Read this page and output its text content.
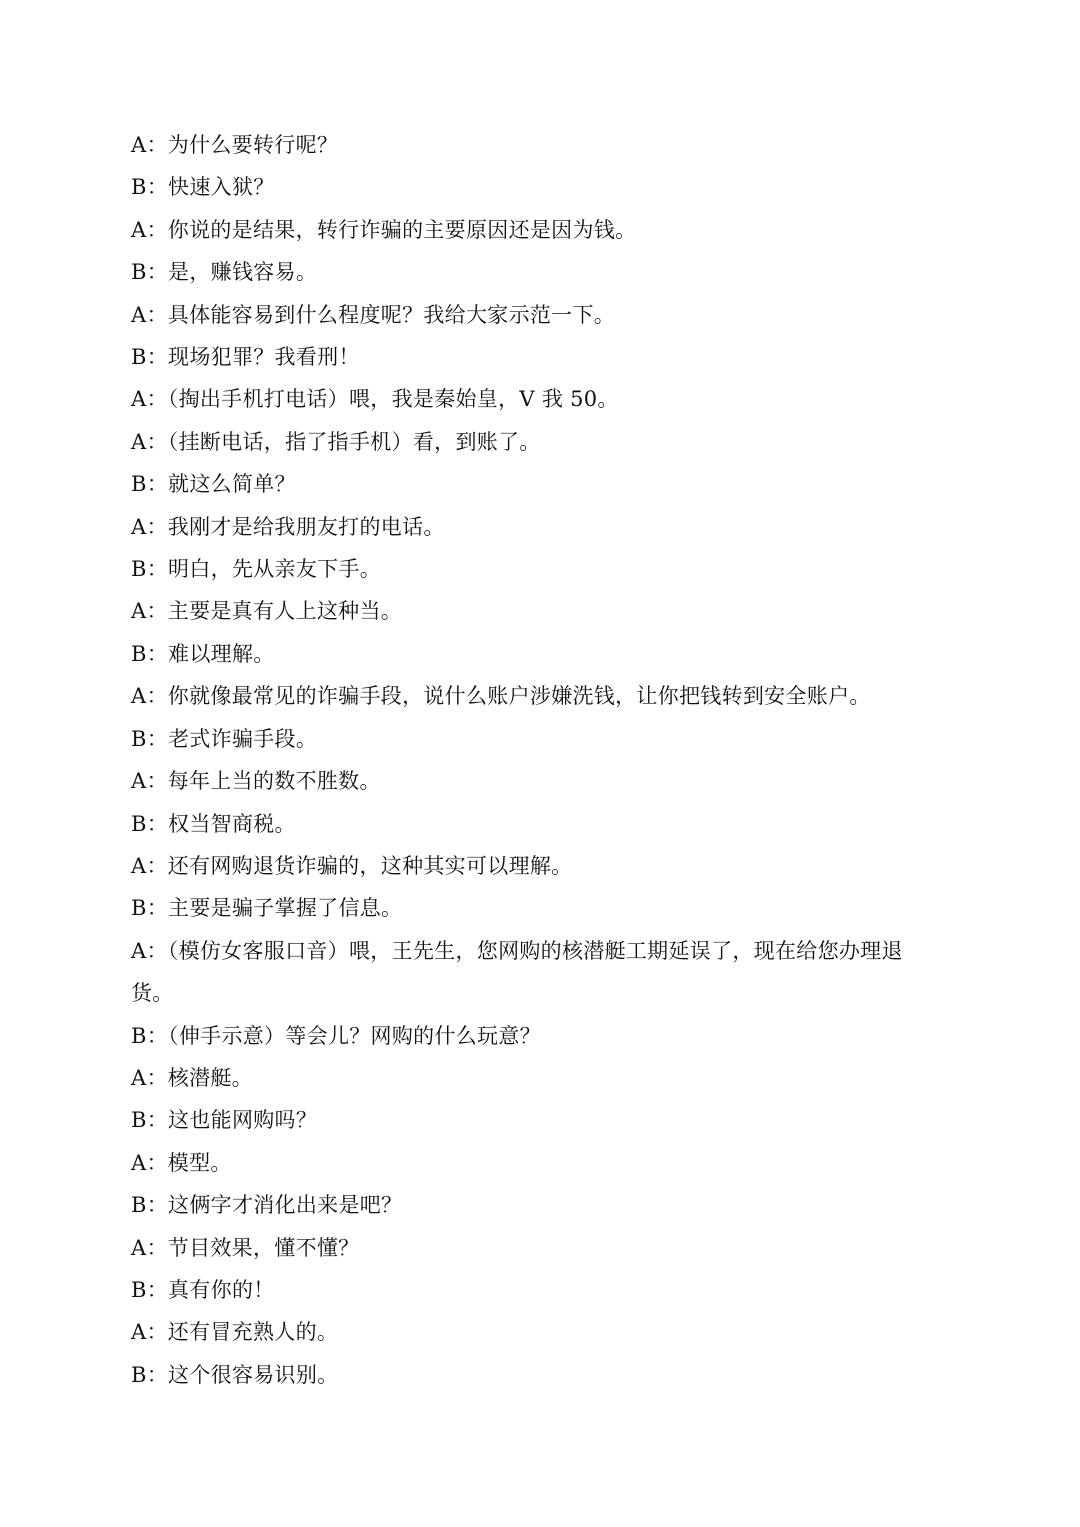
A：为什么要转行呢？
B：快速入狱？
A：你说的是结果，转行诈骗的主要原因还是因为钱。
B：是，赚钱容易。
A：具体能容易到什么程度呢？我给大家示范一下。
B：现场犯罪？我看刑！
A：（掏出手机打电话）喂，我是秦始皇，V 我 50。
A：（挂断电话，指了指手机）看，到账了。
B：就这么简单？
A：我刚才是给我朋友打的电话。
B：明白，先从亲友下手。
A：主要是真有人上这种当。
B：难以理解。
A：你就像最常见的诈骗手段，说什么账户涉嫌洗钱，让你把钱转到安全账户。
B：老式诈骗手段。
A：每年上当的数不胜数。
B：权当智商税。
A：还有网购退货诈骗的，这种其实可以理解。
B：主要是骗子掌握了信息。
A：（模仿女客服口音）喂，王先生，您网购的核潜艇工期延误了，现在给您办理退货。
B：（伸手示意）等会儿？网购的什么玩意？
A：核潜艇。
B：这也能网购吗？
A：模型。
B：这俩字才消化出来是吧？
A：节目效果，懂不懂？
B：真有你的！
A：还有冒充熟人的。
B：这个很容易识别。
